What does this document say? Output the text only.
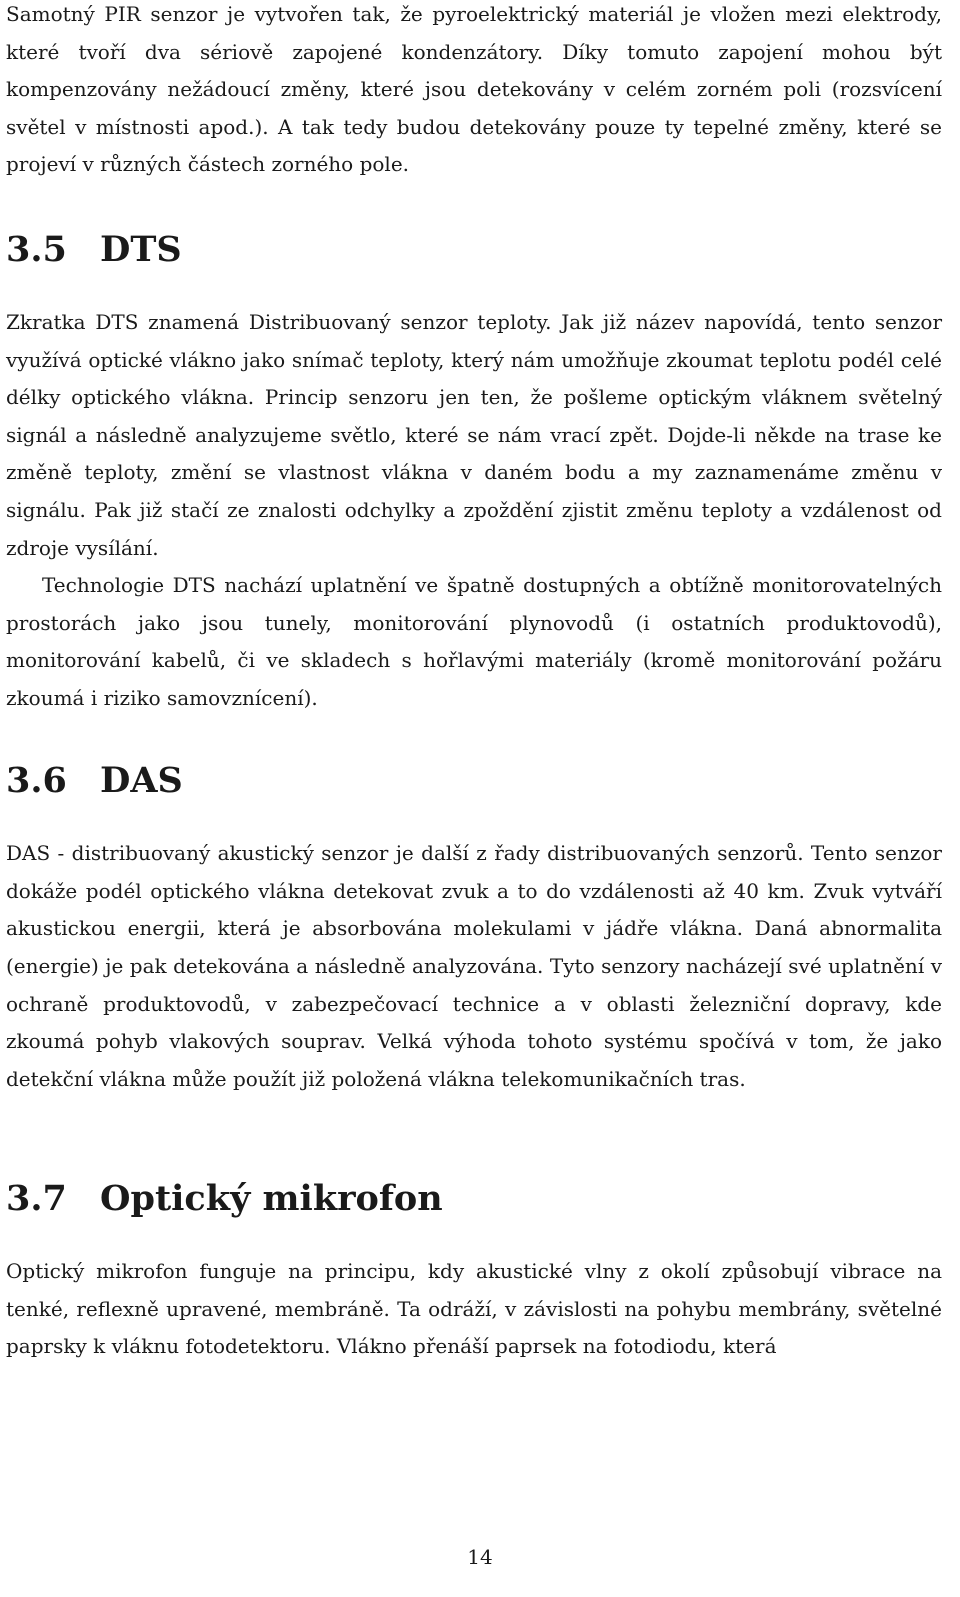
Samotný PIR senzor je vytvořen tak, že pyroelektrický materiál je vložen mezi elektrody, které tvoří dva sériově zapojené kondenzátory. Díky tomuto zapojení mohou být kompenzovány nežádoucí změny, které jsou detekovány v celém zorném poli (rozsvícení světel v místnosti apod.). A tak tedy budou detekovány pouze ty tepelné změny, které se projeví v různých částech zorného pole.

3.5 DTS

Zkratka DTS znamená Distribuovaný senzor teploty. Jak již název napovídá, tento senzor využívá optické vlákno jako snímač teploty, který nám umožňuje zkoumat teplotu podél celé délky optického vlákna. Princip senzoru jen ten, že pošleme optickým vláknem světelný signál a následně analyzujeme světlo, které se nám vrací zpět. Dojde-li někde na trase ke změně teploty, změní se vlastnost vlákna v daném bodu a my zaznamenáme změnu v signálu. Pak již stačí ze znalosti odchylky a zpoždění zjistit změnu teploty a vzdálenost od zdroje vysílání.

Technologie DTS nachází uplatnění ve špatně dostupných a obtížně monitorovatelných prostorách jako jsou tunely, monitorování plynovodů (i ostatních produktovodů), monitorování kabelů, či ve skladech s hořlavými materiály (kromě monitorování požáru zkoumá i riziko samovznícení).

3.6 DAS

DAS - distribuovaný akustický senzor je další z řady distribuovaných senzorů. Tento senzor dokáže podél optického vlákna detekovat zvuk a to do vzdálenosti až 40 km. Zvuk vytváří akustickou energii, která je absorbována molekulami v jádře vlákna. Daná abnormalita (energie) je pak detekována a následně analyzována. Tyto senzory nacházejí své uplatnění v ochraně produktovodů, v zabezpečovací technice a v oblasti železniční dopravy, kde zkoumá pohyb vlakových souprav. Velká výhoda tohoto systému spočívá v tom, že jako detekční vlákna může použít již položená vlákna telekomunikačních tras.

3.7 Optický mikrofon

Optický mikrofon funguje na principu, kdy akustické vlny z okolí způsobují vibrace na tenké, reflexně upravené, membráně. Ta odráží, v závislosti na pohybu membrány, světelné paprsky k vláknu fotodetektoru. Vlákno přenáší paprsek na fotodiodu, která

14
